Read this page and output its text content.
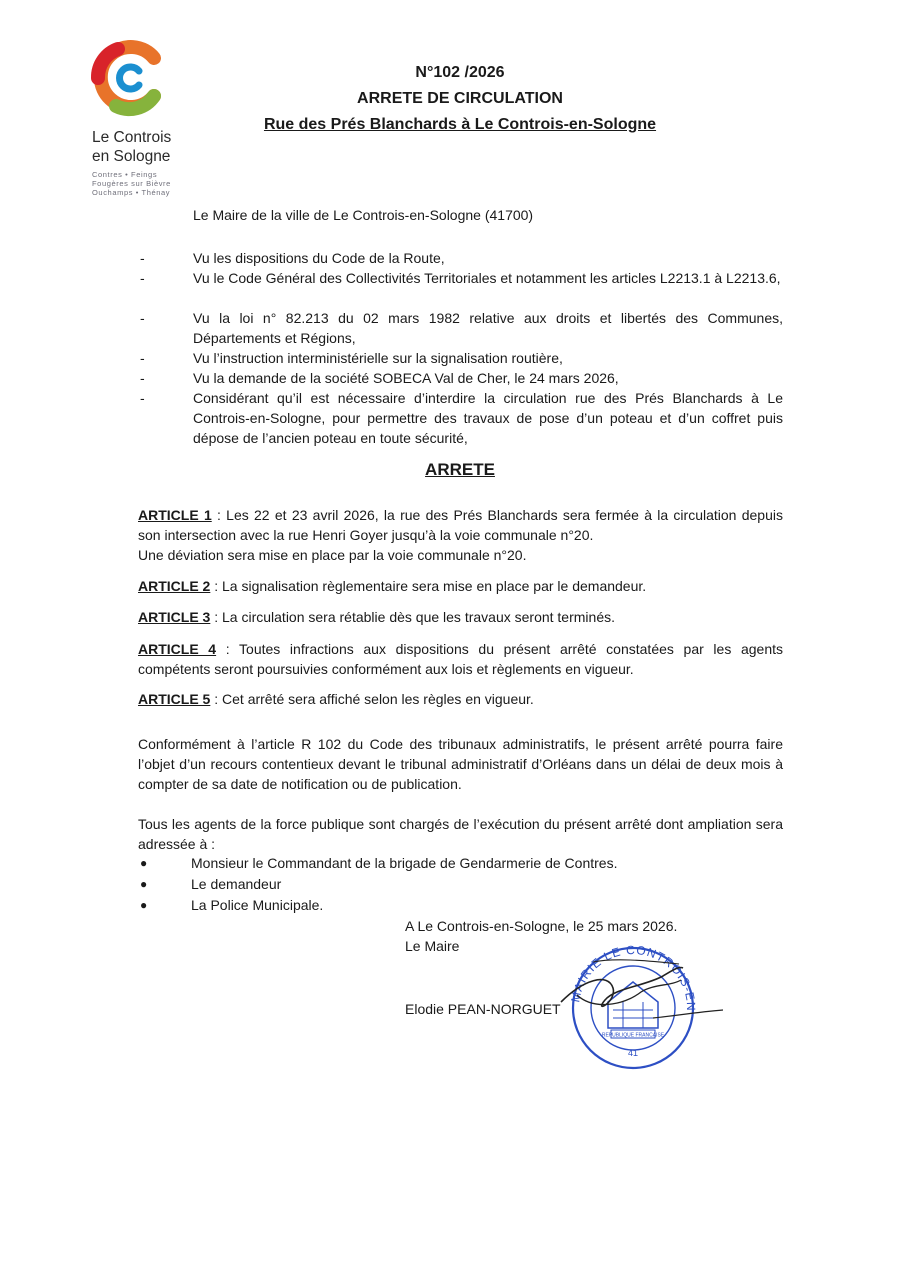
Le Controis
en Sologne
Contres • Feings
Fougères sur Bièvre
Ouchamps • Thénay
N°102 /2026
ARRETE DE CIRCULATION
Rue des Prés Blanchards à Le Controis-en-Sologne
Le Maire de la ville de Le Controis-en-Sologne (41700)
-	Vu les dispositions du Code de la Route,
-	Vu le Code Général des Collectivités Territoriales et notamment les articles L2213.1 à L2213.6,
-	Vu la loi n° 82.213 du 02 mars 1982 relative aux droits et libertés des Communes, Départements et Régions,
-	Vu l’instruction interministérielle sur la signalisation routière,
-	Vu la demande de la société SOBECA Val de Cher, le 24 mars 2026,
-	Considérant qu’il est nécessaire d’interdire la circulation rue des Prés Blanchards à Le Controis-en-Sologne, pour permettre des travaux de pose d’un poteau et d’un coffret puis dépose de l’ancien poteau en toute sécurité,
ARRETE
ARTICLE 1 : Les 22 et 23 avril 2026, la rue des Prés Blanchards sera fermée à la circulation depuis son intersection avec la rue Henri Goyer jusqu’à la voie communale n°20.
Une déviation sera mise en place par la voie communale n°20.
ARTICLE 2 : La signalisation règlementaire sera mise en place par le demandeur.
ARTICLE 3 : La circulation sera rétablie dès que les travaux seront terminés.
ARTICLE 4 : Toutes infractions aux dispositions du présent arrêté constatées par les agents compétents seront poursuivies conformément aux lois et règlements en vigueur.
ARTICLE 5 : Cet arrêté sera affiché selon les règles en vigueur.
Conformément à l’article R 102 du Code des tribunaux administratifs, le présent arrêté pourra faire l’objet d’un recours contentieux devant le tribunal administratif d’Orléans dans un délai de deux mois à compter de sa date de notification ou de publication.
Tous les agents de la force publique sont chargés de l’exécution du présent arrêté dont ampliation sera adressée à :
●	Monsieur le Commandant de la brigade de Gendarmerie de Contres.
●	Le demandeur
●	La Police Municipale.
A Le Controis-en-Sologne, le 25 mars 2026.
Le Maire
Elodie PEAN-NORGUET
MAIRIE LE CONTROIS-EN
REPUBLIQUE FRANCAISE
41
